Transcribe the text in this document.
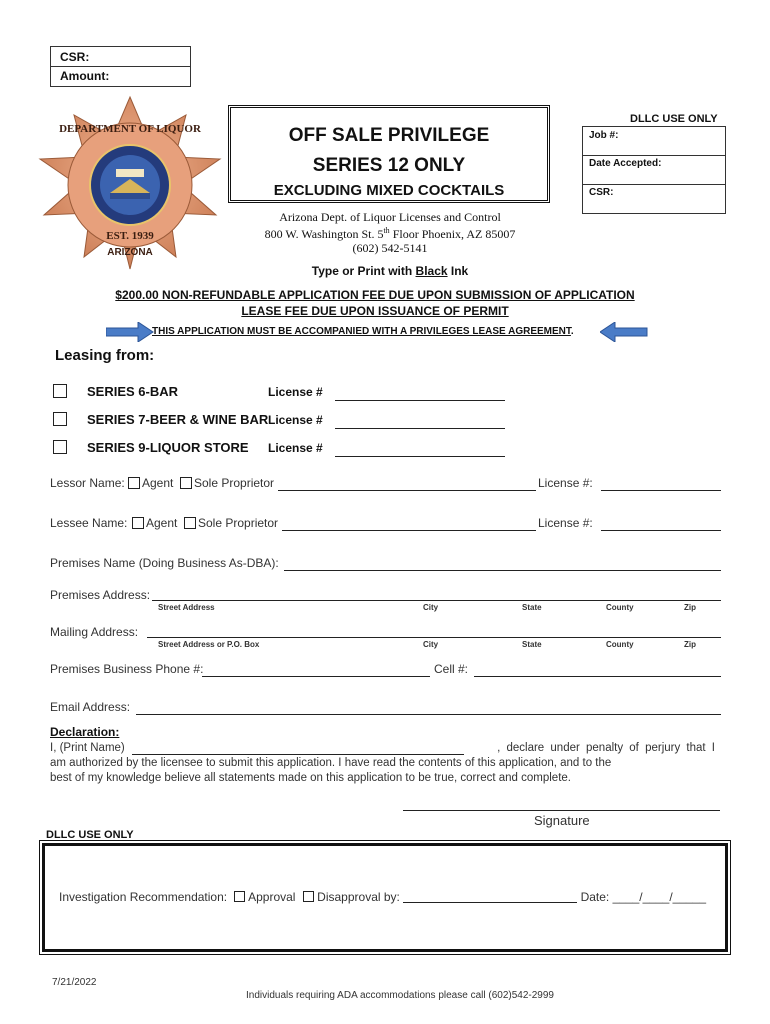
CSR:
Amount:
DEPARTMENT OF LIQUOR
EST. 1939
ARIZONA
OFF SALE PRIVILEGE
SERIES 12 ONLY
EXCLUDING MIXED COCKTAILS
DLLC USE ONLY
Job #:
Date Accepted:
CSR:
Arizona Dept. of Liquor Licenses and Control
800 W. Washington St. 5th Floor Phoenix, AZ 85007
(602) 542-5141
Type or Print with Black Ink
$200.00 NON-REFUNDABLE APPLICATION FEE DUE UPON SUBMISSION OF APPLICATION
LEASE FEE DUE UPON ISSUANCE OF PERMIT
THIS APPLICATION MUST BE ACCOMPANIED WITH A PRIVILEGES LEASE AGREEMENT.
Leasing from:
SERIES 6-BAR	License #
SERIES 7-BEER & WINE BAR License #
SERIES 9-LIQUOR STORE License #
Lessor Name: Agent Sole Proprietor	License #:
Lessee Name: Agent Sole Proprietor	License #:
Premises Name (Doing Business As-DBA):
Premises Address:
Street Address	City	State	County	Zip
Mailing Address:
Street Address or P.O. Box	City	State	County	Zip
Premises Business Phone #:	Cell #:
Email Address:
Declaration:
I, (Print Name)	, declare under penalty of perjury that I
am authorized by the licensee to submit this application. I have read the contents of this application, and to the
best of my knowledge believe all statements made on this application to be true, correct and complete.
Signature
DLLC USE ONLY
Investigation Recommendation: Approval Disapproval by:	Date: ____/____/_____
7/21/2022
Individuals requiring ADA accommodations please call (602)542-2999
